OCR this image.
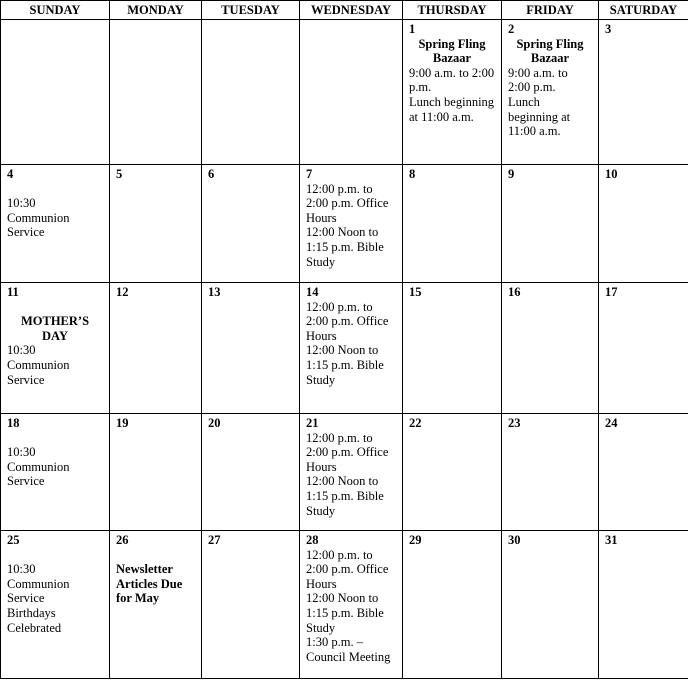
SUNDAY	MONDAY	TUESDAY	WEDNESDAY	THURSDAY	FRIDAY	SATURDAY

				1
Spring Fling Bazaar
9:00 a.m. to 2:00 p.m.
Lunch beginning at 11:00 a.m.	2
Spring Fling Bazaar
9:00 a.m. to 2:00 p.m.
Lunch beginning at 11:00 a.m.	3

4
10:30
Communion Service	5	6	7
12:00 p.m. to 2:00 p.m. Office Hours
12:00 Noon to 1:15 p.m. Bible Study	8	9	10

11
MOTHER’S DAY
10:30
Communion Service	12	13	14
12:00 p.m. to 2:00 p.m. Office Hours
12:00 Noon to 1:15 p.m. Bible Study	15	16	17

18
10:30
Communion Service	19	20	21
12:00 p.m. to 2:00 p.m. Office Hours
12:00 Noon to 1:15 p.m. Bible Study	22	23	24

25
10:30
Communion Service
Birthdays Celebrated	26
Newsletter Articles Due for May	27	28
12:00 p.m. to 2:00 p.m. Office Hours
12:00 Noon to 1:15 p.m. Bible Study
1:30 p.m. – Council Meeting	29	30	31
